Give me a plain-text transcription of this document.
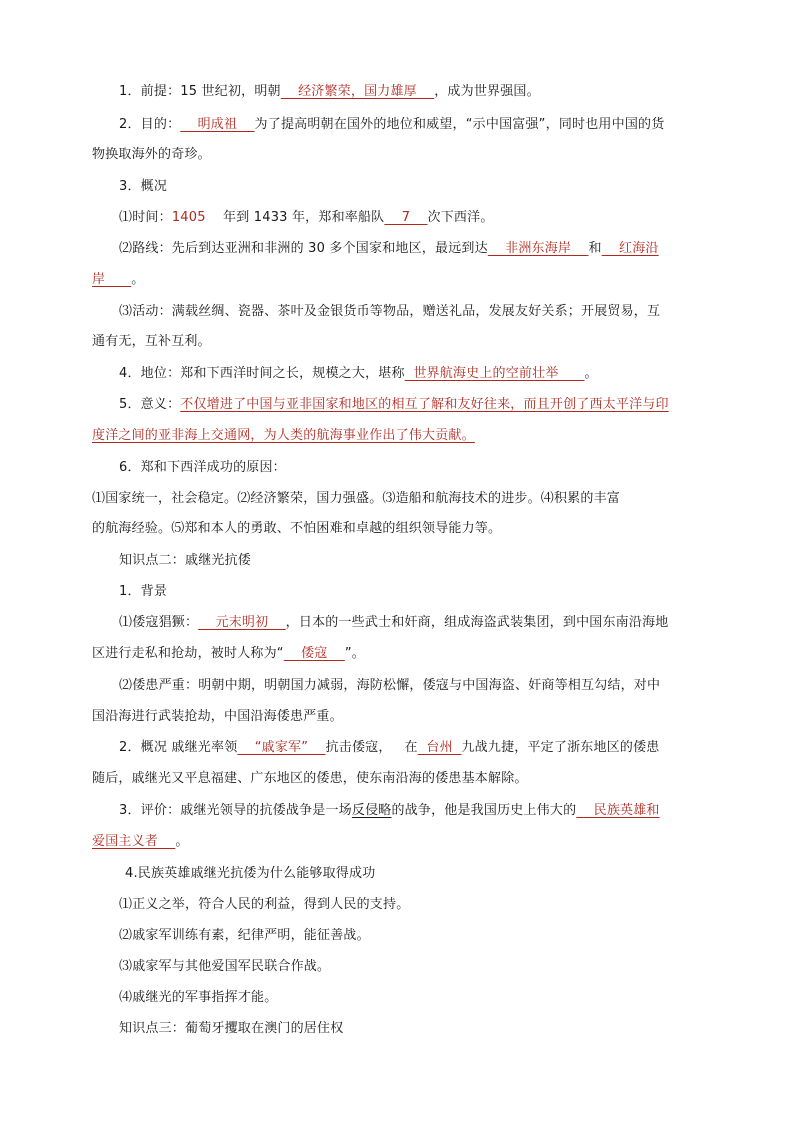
1．前提：15 世纪初，明朝    经济繁荣，国力雄厚    ，成为世界强国。
2．目的：    明成祖    为了提高明朝在国外的地位和威望，“示中国富强”，同时也用中国的货
物换取海外的奇珍。
3．概况
⑴时间：1405    年到 1433 年，郑和率船队    7    次下西洋。
⑵路线：先后到达亚洲和非洲的 30 多个国家和地区，最远到达    非洲东海岸    和    红海沿
岸      。
⑶活动：满载丝绸、瓷器、茶叶及金银货币等物品，赠送礼品，发展友好关系；开展贸易，互
通有无，互补互利。
4．地位：郑和下西洋时间之长，规模之大，堪称  世界航海史上的空前壮举      。
5．意义：不仅增进了中国与亚非国家和地区的相互了解和友好往来，而且开创了西太平洋与印
度洋之间的亚非海上交通网，为人类的航海事业作出了伟大贡献。
6．郑和下西洋成功的原因：
⑴国家统一，社会稳定。⑵经济繁荣，国力强盛。⑶造船和航海技术的进步。⑷积累的丰富
的航海经验。⑸郑和本人的勇敢、不怕困难和卓越的组织领导能力等。
知识点二：戚继光抗倭
1．背景
⑴倭寇猖獗：    元末明初    ，日本的一些武士和奸商，组成海盗武装集团，到中国东南沿海地
区进行走私和抢劫，被时人称为“    倭寇    ”。
⑵倭患严重：明朝中期，明朝国力减弱，海防松懈，倭寇与中国海盗、奸商等相互勾结，对中
国沿海进行武装抢劫，中国沿海倭患严重。
2．概况 戚继光率领    “戚家军”    抗击倭寇，   在  台州  九战九捷，平定了浙东地区的倭患
随后，戚继光又平息福建、广东地区的倭患，使东南沿海的倭患基本解除。
3．评价：戚继光领导的抗倭战争是一场反侵略的战争，他是我国历史上伟大的    民族英雄和
爱国主义者    。
4.民族英雄戚继光抗倭为什么能够取得成功
⑴正义之举，符合人民的利益，得到人民的支持。
⑵戚家军训练有素，纪律严明，能征善战。
⑶戚家军与其他爱国军民联合作战。
⑷戚继光的军事指挥才能。
知识点三：葡萄牙攫取在澳门的居住权
